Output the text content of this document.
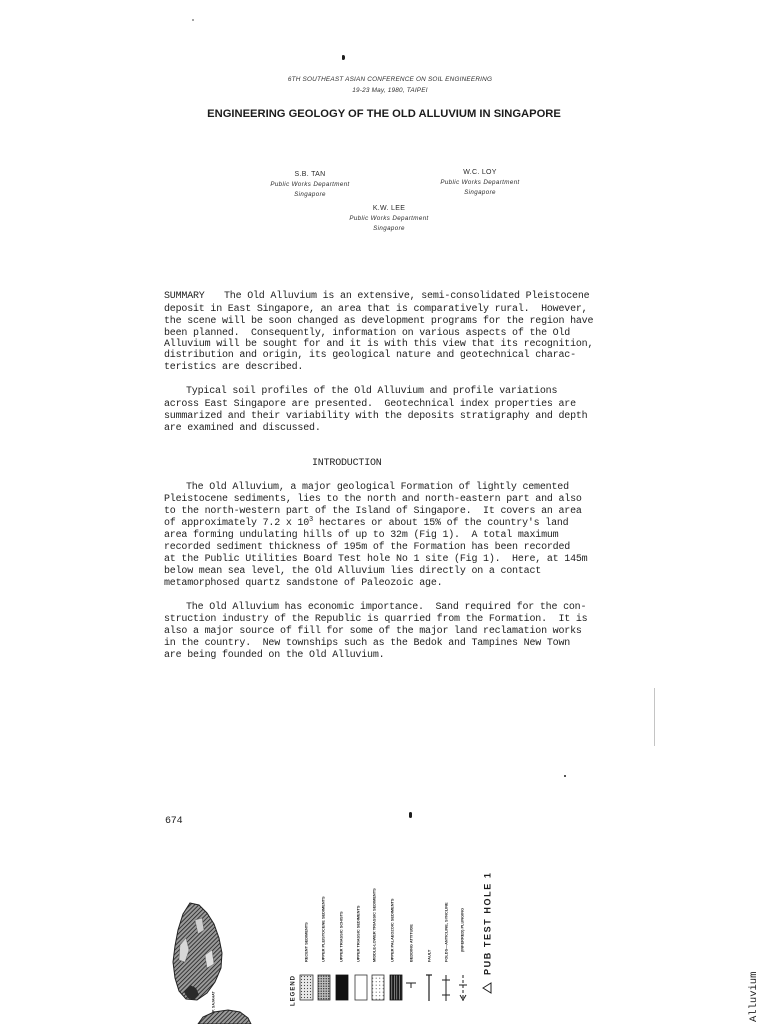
6TH SOUTHEAST ASIAN CONFERENCE ON SOIL ENGINEERING
19-23 May, 1980, TAIPEI
ENGINEERING GEOLOGY OF THE OLD ALLUVIUM IN SINGAPORE
S.B. TAN
Public Works Department
Singapore
W.C. LOY
Public Works Department
Singapore
K.W. LEE
Public Works Department
Singapore
SUMMARY The Old Alluvium is an extensive, semi-consolidated Pleistocene
deposit in East Singapore, an area that is comparatively rural.  However,
the scene will be soon changed as development programs for the region have
been planned.  Consequently, information on various aspects of the Old
Alluvium will be sought for and it is with this view that its recognition,
distribution and origin, its geological nature and geotechnical charac-
teristics are described.
Typical soil profiles of the Old Alluvium and profile variations
across East Singapore are presented.  Geotechnical index properties are
summarized and their variability with the deposits stratigraphy and depth
are examined and discussed.
INTRODUCTION
The Old Alluvium, a major geological Formation of lightly cemented
Pleistocene sediments, lies to the north and north-eastern part and also
to the north-western part of the Island of Singapore.  It covers an area
of approximately 7.2 x $10^3$ hectares or about 15% of the country's land
area forming undulating hills of up to 32m (Fig 1).  A total maximum
recorded sediment thickness of 195m of the Formation has been recorded
at the Public Utilities Board Test hole No 1 site (Fig 1).  Here, at 145m
below mean sea level, the Old Alluvium lies directly on a contact
metamorphosed quartz sandstone of Paleozoic age.
The Old Alluvium has economic importance.  Sand required for the con-
struction industry of the Republic is quarried from the Formation.  It is
also a major source of fill for some of the major land reclamation works
in the country.  New townships such as the Bedok and Tampines New Town
are being founded on the Old Alluvium.
674
P. SAJAHAT	LEGEND
RECENT SEDIMENTS	UPPER PLEISTOCENE SEDIMENTS	UPPER TRIASSIC SCHISTS	UPPER TRIASSIC SEDIMENTS	MIDDLE-LOWER TRIASSIC SEDIMENTS	UPPER PALAEOZOIC SEDIMENTS	BEDDING ATTITUDE	FAULT	FOLDS—ANTICLINE, SYNCLINE	(INFERRED) PLUNGING PUB TEST HOLE 1
Alluvium
